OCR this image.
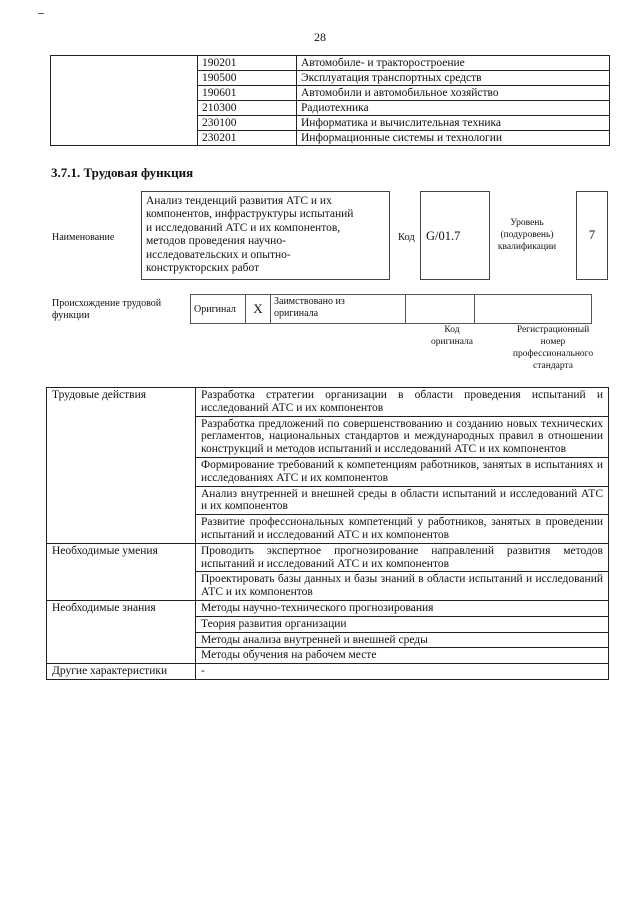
28
	190201	Автомобиле- и тракторостроение
	190500	Эксплуатация транспортных средств
	190601	Автомобили и автомобильное хозяйство
	210300	Радиотехника
	230100	Информатика и вычислительная техника
	230201	Информационные системы и технологии
3.7.1. Трудовая функция
Наименование
Анализ тенденций развития АТС и их
компонентов, инфраструктуры испытаний
и исследований АТС и их компонентов,
методов проведения научно-
исследовательских и опытно-
конструкторских работ
Код G/01.7
Уровень
(подуровень)
квалификации
7
Происхождение трудовой
функции
Оригинал	X	Заимствовано из
оригинала

Код
оригинала
Регистрационный
номер
профессионального
стандарта
Трудовые действия	Разработка стратегии организации в области проведения испытаний и исследований АТС и их компонентов
	Разработка предложений по совершенствованию и созданию новых технических регламентов, национальных стандартов и международных правил в отношении конструкций и методов испытаний и исследований АТС и их компонентов
	Формирование требований к компетенциям работников, занятых в испытаниях и исследованиях АТС и их компонентов
	Анализ внутренней и внешней среды в области испытаний и исследований АТС и их компонентов
	Развитие профессиональных компетенций у работников, занятых в проведении испытаний и исследований АТС и их компонентов
Необходимые умения	Проводить экспертное прогнозирование направлений развития методов испытаний и исследований АТС и их компонентов
	Проектировать базы данных и базы знаний в области испытаний и исследований АТС и их компонентов
Необходимые знания	Методы научно-технического прогнозирования
	Теория развития организации
	Методы анализа внутренней и внешней среды
	Методы обучения на рабочем месте
Другие характеристики	-
